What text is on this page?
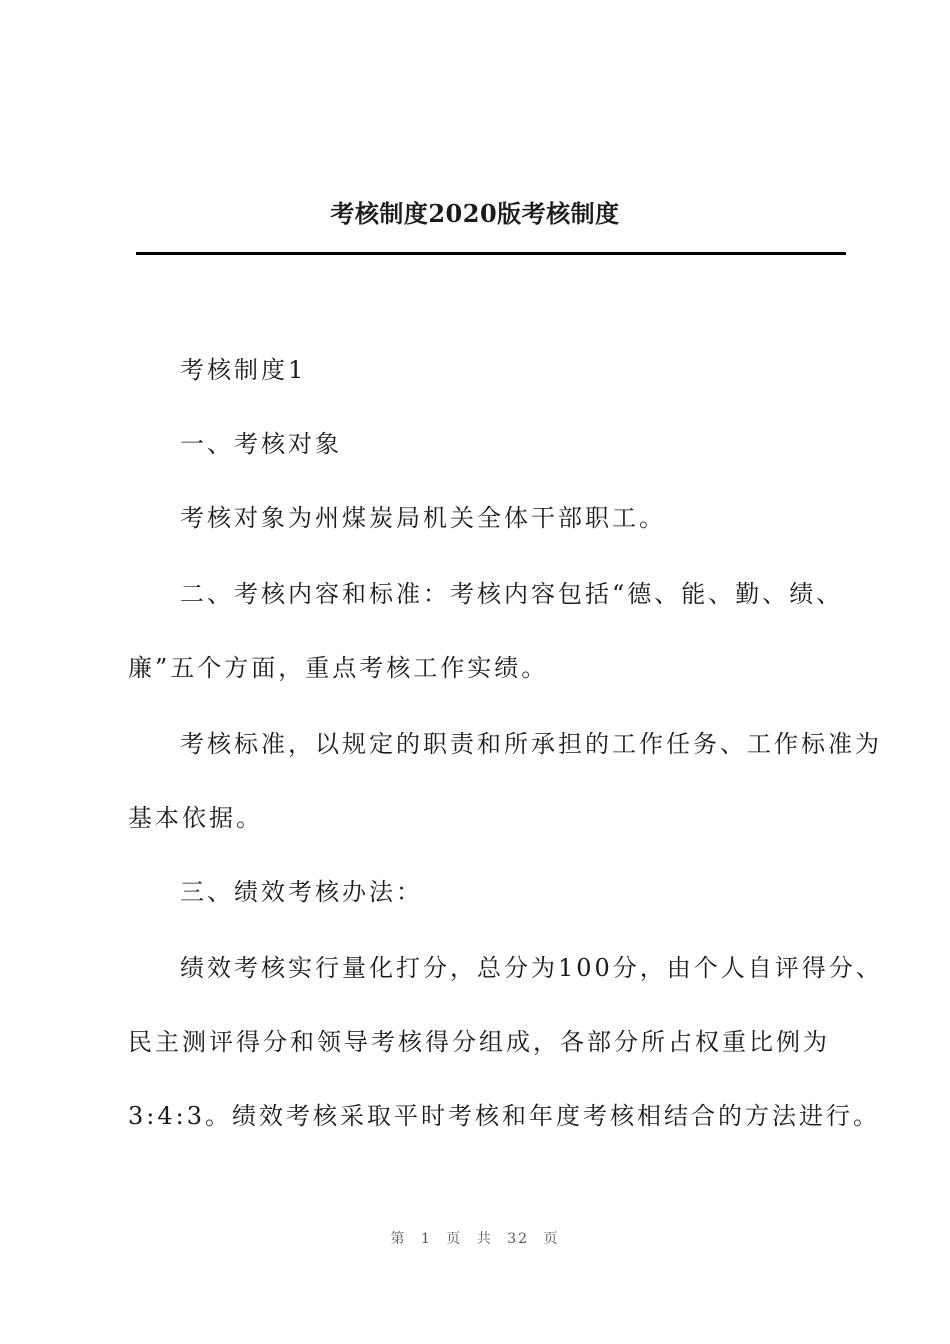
考核制度2020版考核制度
考核制度1
一、考核对象
考核对象为州煤炭局机关全体干部职工。
二、考核内容和标准：考核内容包括“德、能、勤、绩、
廉”五个方面，重点考核工作实绩。
考核标准，以规定的职责和所承担的工作任务、工作标准为
基本依据。
三、绩效考核办法：
绩效考核实行量化打分，总分为100分，由个人自评得分、
民主测评得分和领导考核得分组成，各部分所占权重比例为
3:4:3。绩效考核采取平时考核和年度考核相结合的方法进行。
第 1 页 共 32 页
